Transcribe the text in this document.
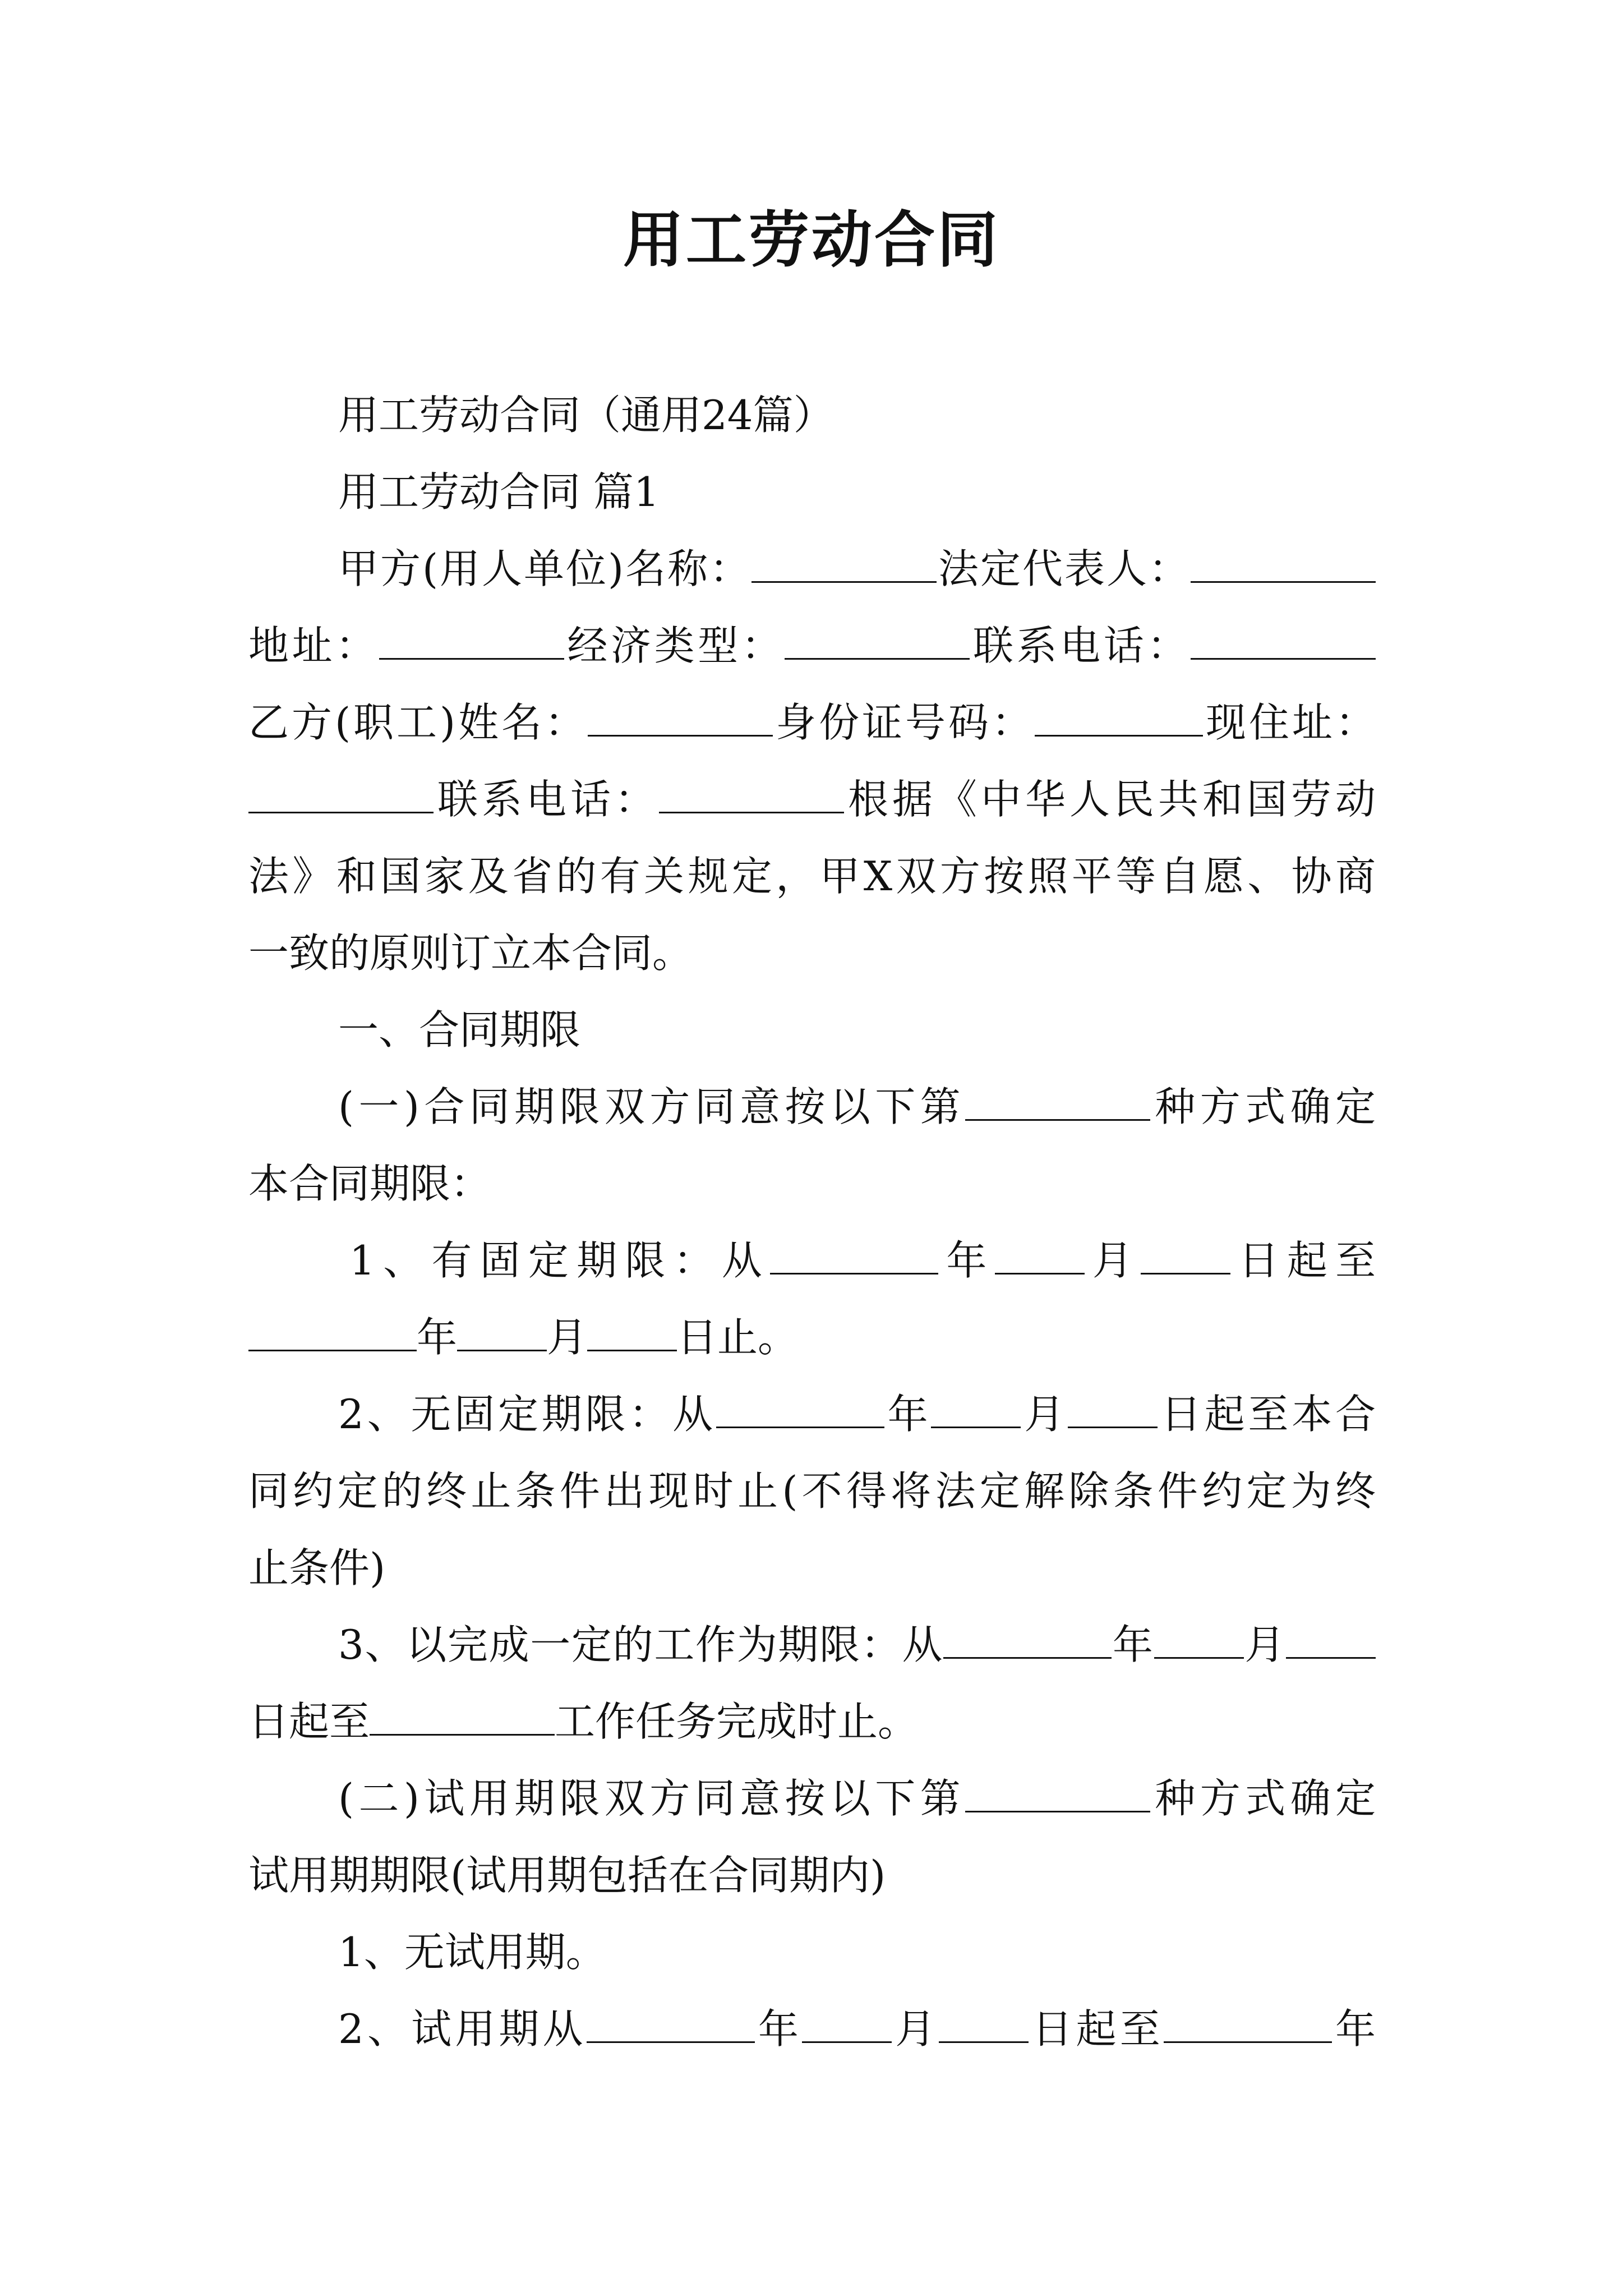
用工劳动合同
用工劳动合同（通用24篇）
用工劳动合同 篇1
甲方(用人单位)名称：	法定代表人：
地址：	经济类型：	联系电话：
乙方(职工)姓名：	身份证号码：	现住址：
联系电话：	根据《中华人民共和国劳动
法》和国家及省的有关规定，甲X双方按照平等自愿、协商
一致的原则订立本合同。
一、合同期限
(一)合同期限双方同意按以下第	种方式确定
本合同期限：
1、有固定期限：从	年 月 日起至
年 月 日止。
2、无固定期限：从	年 月 日起至本合
同约定的终止条件出现时止(不得将法定解除条件约定为终
止条件)
3、以完成一定的工作为期限：从	年 月
日起至	工作任务完成时止。
(二)试用期限双方同意按以下第	种方式确定
试用期期限(试用期包括在合同期内)
1、无试用期。
2、试用期从	年 月 日起至	年
